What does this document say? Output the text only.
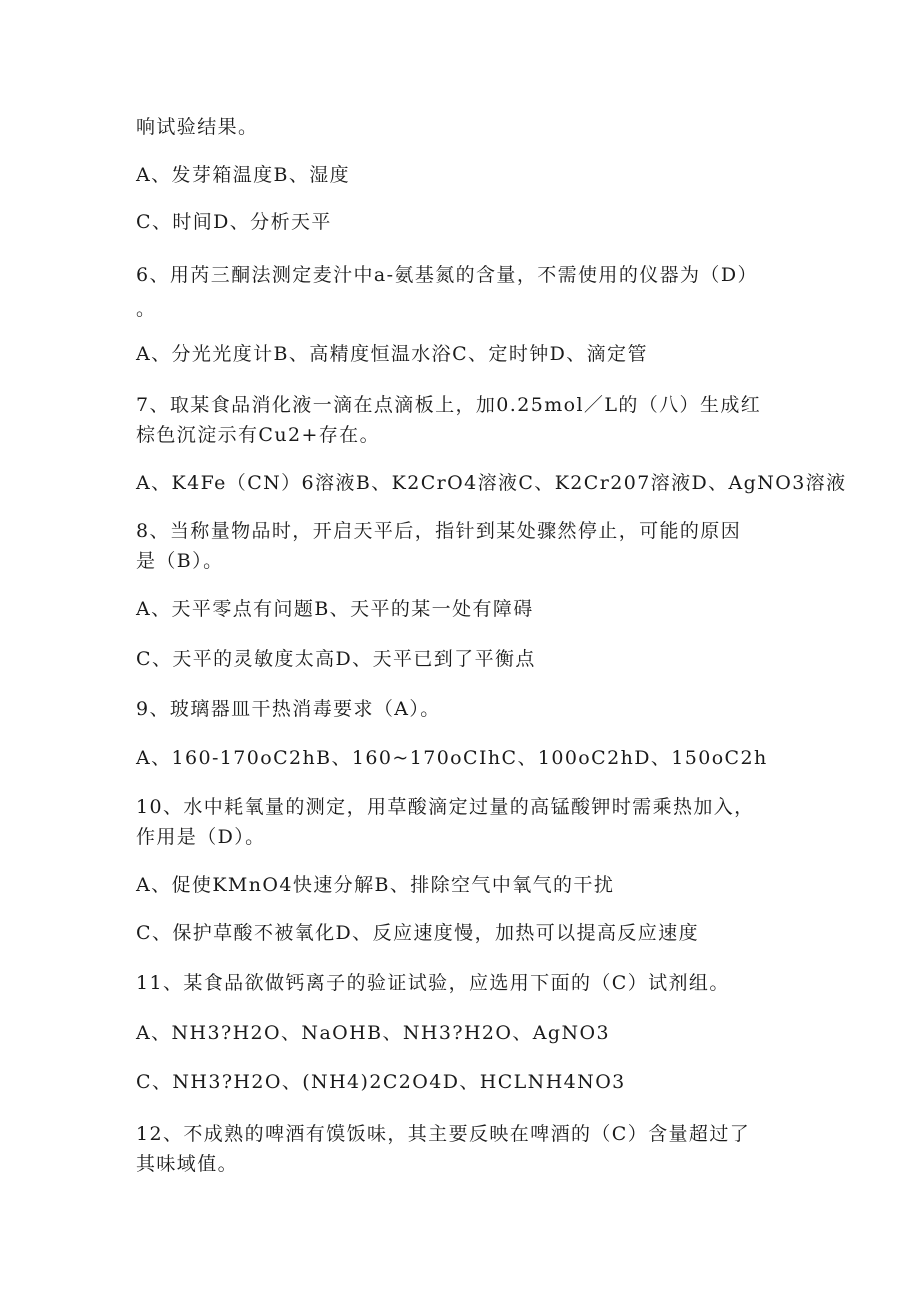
响试验结果。
A、发芽箱温度B、湿度
C、时间D、分析天平
6、用芮三酮法测定麦汁中a-氨基氮的含量，不需使用的仪器为（D）
。
A、分光光度计B、高精度恒温水浴C、定时钟D、滴定管
7、取某食品消化液一滴在点滴板上，加0.25mol／L的（八）生成红
棕色沉淀示有Cu2+存在。
A、K4Fe（CN）6溶液B、K2CrO4溶液C、K2Cr207溶液D、AgNO3溶液
8、当称量物品时，开启天平后，指针到某处骤然停止，可能的原因
是（B）。
A、天平零点有问题B、天平的某一处有障碍
C、天平的灵敏度太高D、天平已到了平衡点
9、玻璃器皿干热消毒要求（A）。
A、160-170oC2hB、160~170oCIhC、100oC2hD、150oC2h
10、水中耗氧量的测定，用草酸滴定过量的高锰酸钾时需乘热加入，
作用是（D）。
A、促使KMnO4快速分解B、排除空气中氧气的干扰
C、保护草酸不被氧化D、反应速度慢，加热可以提高反应速度
11、某食品欲做钙离子的验证试验，应选用下面的（C）试剂组。
A、NH3?H2O、NaOHB、NH3?H2O、AgNO3
C、NH3?H2O、(NH4)2C2O4D、HCLNH4NO3
12、不成熟的啤酒有馍饭味，其主要反映在啤酒的（C）含量超过了
其味域值。
